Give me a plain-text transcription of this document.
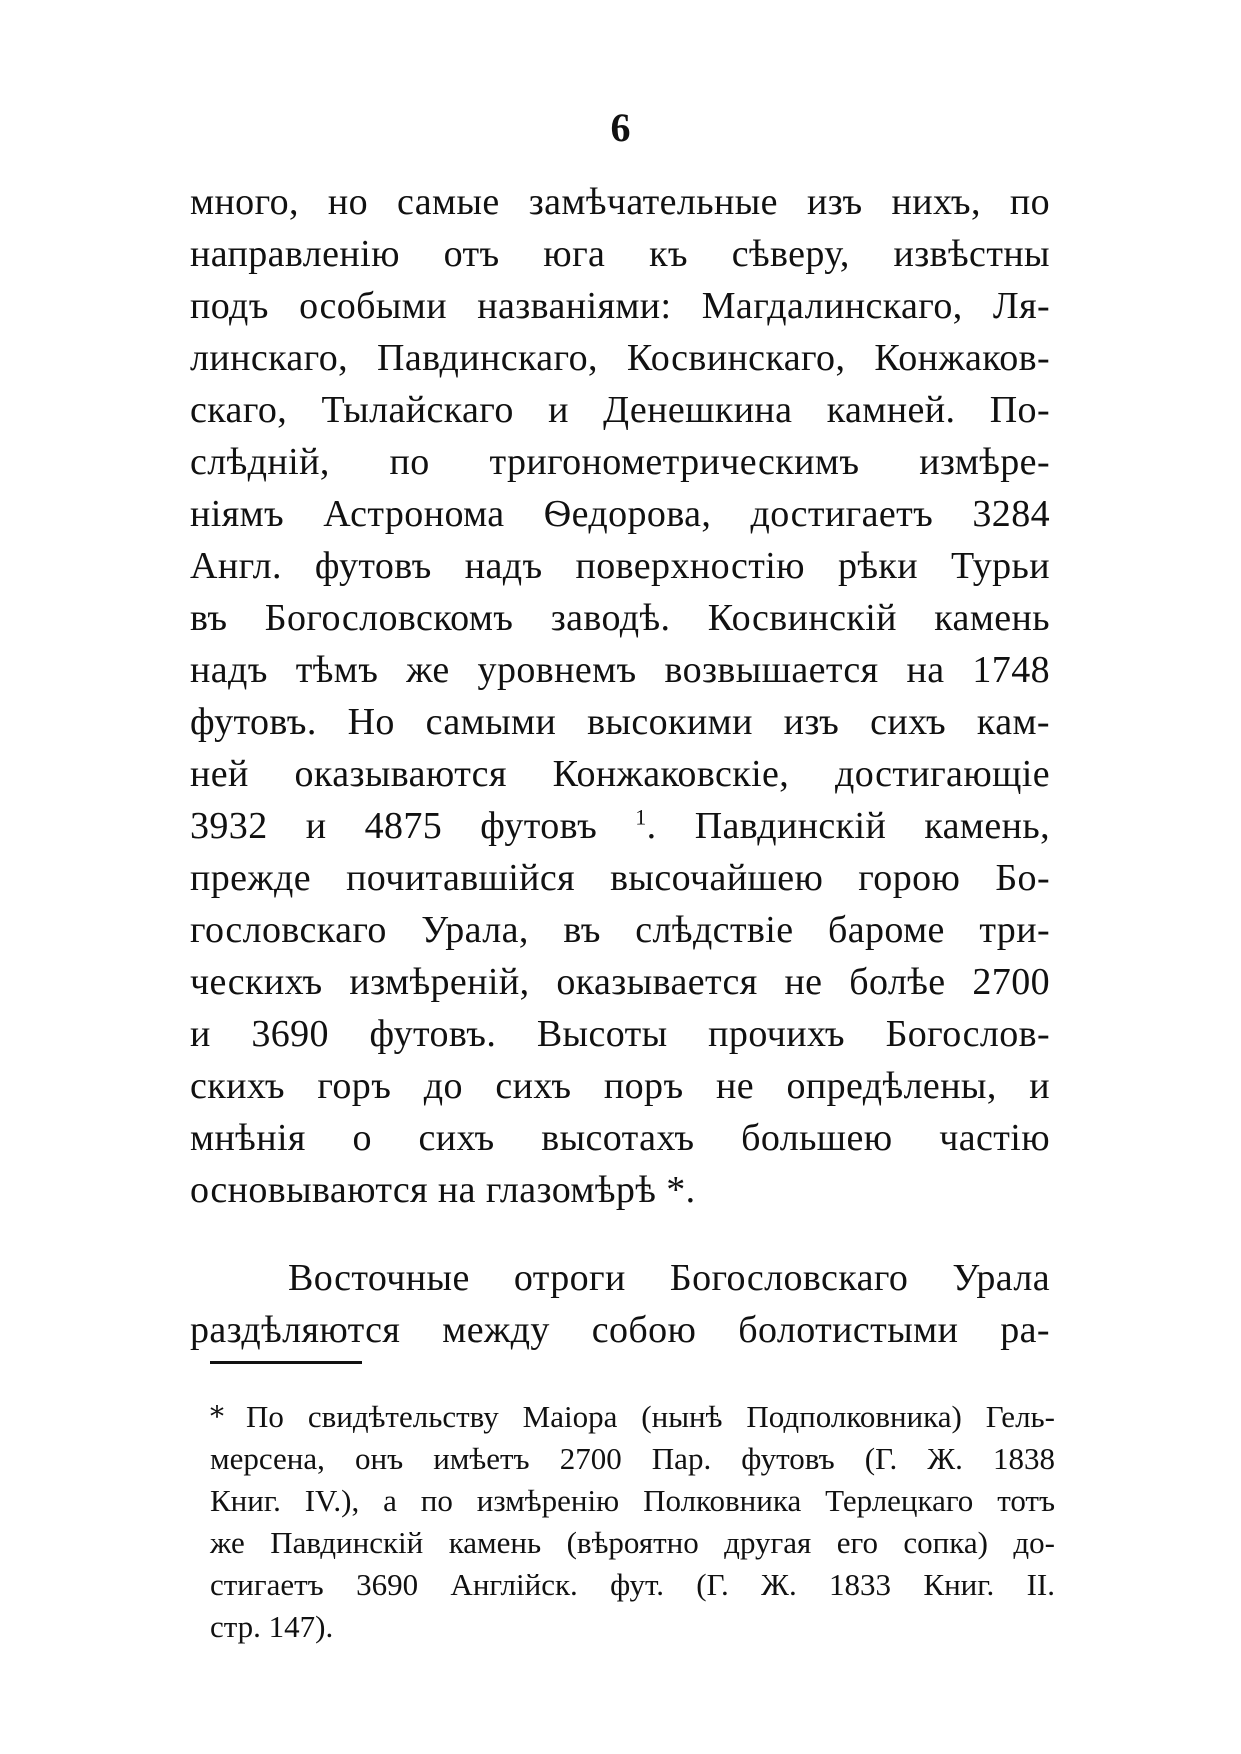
6
много, но самые замѣчательные изъ нихъ, по
направленію отъ юга къ сѣверу, извѣстны
подъ особыми названіями: Магдалинскаго, Ля-
линскаго, Павдинскаго, Косвинскаго, Конжаков-
скаго, Тылайскаго и Денешкина камней. По-
слѣдній, по тригонометрическимъ измѣре-
ніямъ Астронома Ѳедорова, достигаетъ 3284
Англ. футовъ надъ поверхностію рѣки Турьи
въ Богословскомъ заводѣ. Косвинскій камень
надъ тѣмъ же уровнемъ возвышается на 1748
футовъ. Но самыми высокими изъ сихъ кам-
ней оказываются Конжаковскіе, достигающіе
3932 и 4875 футовъ $^1$. Павдинскій камень,
прежде почитавшійся высочайшею горою Бо-
гословскаго Урала, въ слѣдствіе бароме три-
ческихъ измѣреній, оказывается не болѣе 2700
и 3690 футовъ. Высоты прочихъ Богослов-
скихъ горъ до сихъ поръ не опредѣлены, и
мнѣнія о сихъ высотахъ большею частію
основываются на глазомѣрѣ *.
Восточные отроги Богословскаго Урала
раздѣляются между собою болотистыми ра-
* По свидѣтельству Маіора (нынѣ Подполковника) Гель-
мерсена, онъ имѣетъ 2700 Пар. футовъ (Г. Ж. 1838
Книг. IV.), а по измѣренію Полковника Терлецкаго тотъ
же Павдинскій камень (вѣроятно другая его сопка) до-
стигаетъ 3690 Англійск. фут. (Г. Ж. 1833 Книг. II.
стр. 147).
